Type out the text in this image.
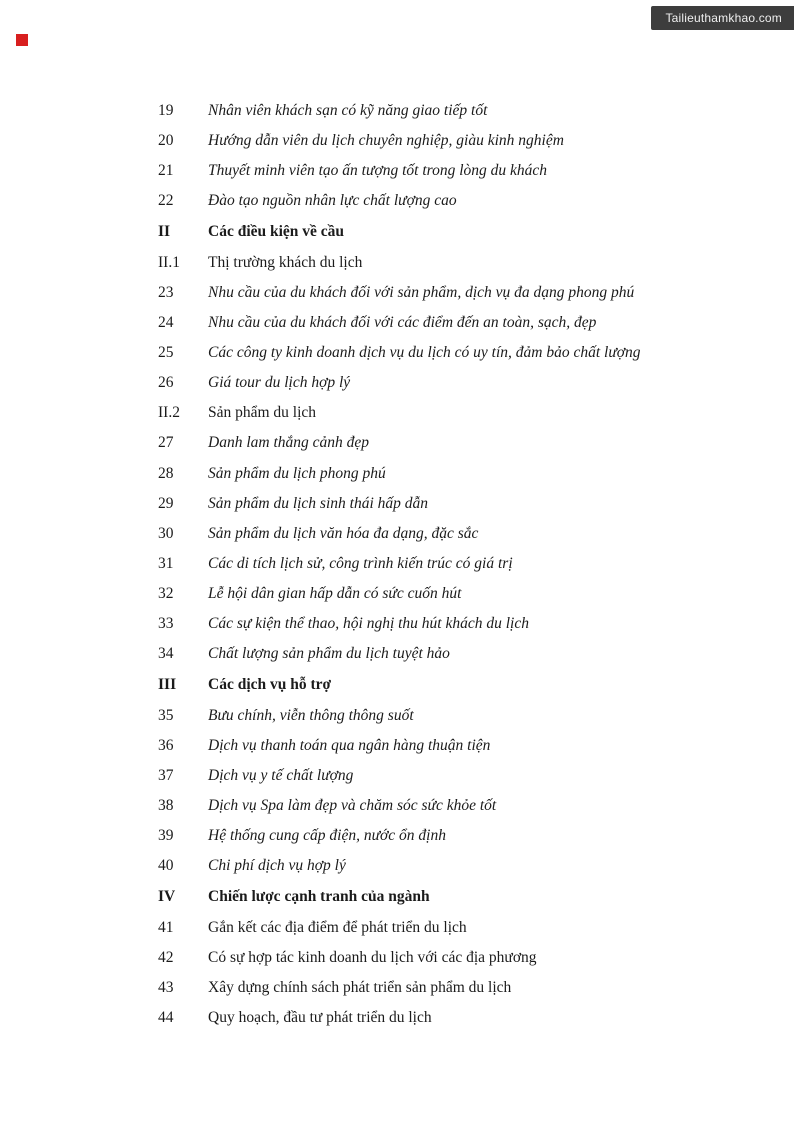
Tailieuthamkhao.com
19	Nhân viên khách sạn có kỹ năng giao tiếp tốt
20	Hướng dẫn viên du lịch chuyên nghiệp, giàu kinh nghiệm
21	Thuyết minh viên tạo ấn tượng tốt trong lòng du khách
22	Đào tạo nguồn nhân lực chất lượng cao
II	Các điều kiện về cầu
II.1	Thị trường khách du lịch
23	Nhu cầu của du khách đối với sản phẩm, dịch vụ đa dạng phong phú
24	Nhu cầu của du khách đối với các điểm đến an toàn, sạch, đẹp
25	Các công ty kinh doanh dịch vụ du lịch có uy tín, đảm bảo chất lượng
26	Giá tour du lịch hợp lý
II.2	Sản phẩm du lịch
27	Danh lam thắng cảnh đẹp
28	Sản phẩm du lịch phong phú
29	Sản phẩm du lịch sinh thái hấp dẫn
30	Sản phẩm du lịch văn hóa đa dạng, đặc sắc
31	Các di tích lịch sử, công trình kiến trúc có giá trị
32	Lễ hội dân gian hấp dẫn có sức cuốn hút
33	Các sự kiện thể thao, hội nghị thu hút khách du lịch
34	Chất lượng sản phẩm du lịch tuyệt hảo
III	Các dịch vụ hỗ trợ
35	Bưu chính, viễn thông thông suốt
36	Dịch vụ thanh toán qua ngân hàng thuận tiện
37	Dịch vụ y tế chất lượng
38	Dịch vụ Spa làm đẹp và chăm sóc sức khỏe tốt
39	Hệ thống cung cấp điện, nước ổn định
40	Chi phí dịch vụ hợp lý
IV	Chiến lược cạnh tranh của ngành
41	Gắn kết các địa điểm để phát triển du lịch
42	Có sự hợp tác kinh doanh du lịch với các địa phương
43	Xây dựng chính sách phát triển sản phẩm du lịch
44	Quy hoạch, đầu tư phát triển du lịch
